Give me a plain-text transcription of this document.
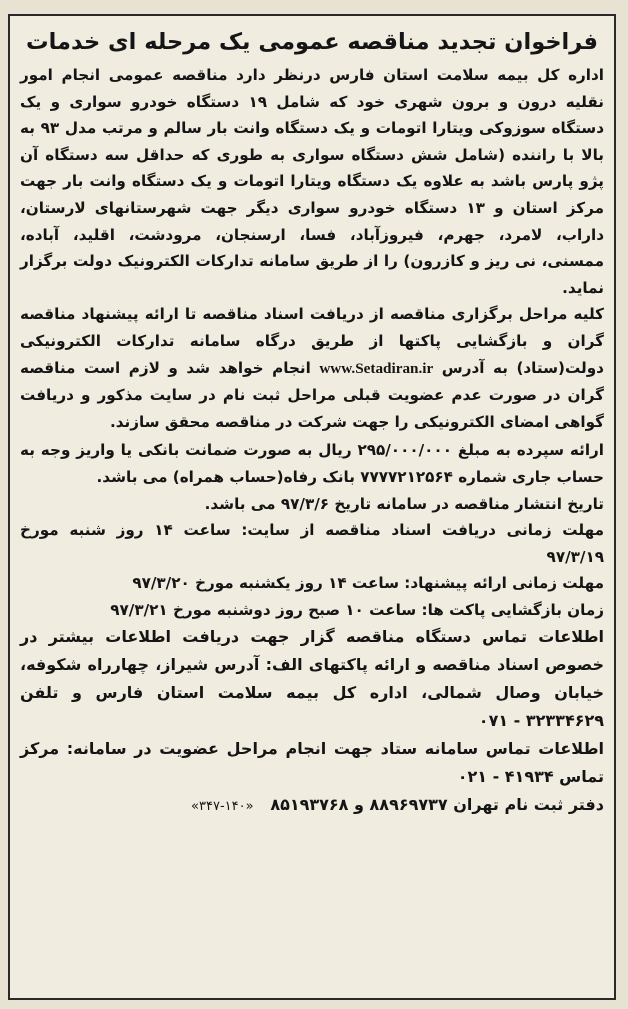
فراخوان تجدید مناقصه عمومی یک مرحله ای خدمات

اداره کل بیمه سلامت استان فارس درنظر دارد مناقصه عمومی انجام امور نقلیه درون و برون شهری خود که شامل ۱۹ دستگاه خودرو سواری و یک دستگاه سوزوکی ویتارا اتومات و یک دستگاه وانت بار سالم و مرتب مدل ۹۳ به بالا با راننده (شامل شش دستگاه سواری به طوری که حداقل سه دستگاه آن پژو پارس باشد به علاوه یک دستگاه ویتارا اتومات و یک دستگاه وانت بار جهت مرکز استان و ۱۳ دستگاه خودرو سواری دیگر جهت شهرستانهای لارستان، داراب، لامرد، جهرم، فیروزآباد، فسا، ارسنجان، مرودشت، اقلید، آباده، ممسنی، نی ریز و کازرون) را از طریق سامانه تدارکات الکترونیک دولت برگزار نماید.

کلیه مراحل برگزاری مناقصه از دریافت اسناد مناقصه تا ارائه پیشنهاد مناقصه گران و بازگشایی پاکتها از طریق درگاه سامانه تدارکات الکترونیکی دولت(ستاد) به آدرس www.Setadiran.ir انجام خواهد شد و لازم است مناقصه گران در صورت عدم عضویت قبلی مراحل ثبت نام در سایت مذکور و دریافت گواهی امضای الکترونیکی را جهت شرکت در مناقصه محقق سازند.

ارائه سپرده به مبلغ ۲۹۵/۰۰۰/۰۰۰ ریال به صورت ضمانت بانکی یا واریز وجه به حساب جاری شماره ۷۷۷۷۲۱۲۵۶۴ بانک رفاه(حساب همراه) می باشد.

تاریخ انتشار مناقصه در سامانه تاریخ ۹۷/۳/۶ می باشد.

مهلت زمانی دریافت اسناد مناقصه از سایت: ساعت ۱۴ روز شنبه مورخ ۹۷/۳/۱۹

مهلت زمانی ارائه پیشنهاد: ساعت ۱۴ روز یکشنبه مورخ ۹۷/۳/۲۰

زمان بازگشایی پاکت ها: ساعت ۱۰ صبح روز دوشنبه مورخ ۹۷/۳/۲۱

اطلاعات تماس دستگاه مناقصه گزار جهت دریافت اطلاعات بیشتر در خصوص اسناد مناقصه و ارائه پاکتهای الف: آدرس شیراز، چهارراه شکوفه، خیابان وصال شمالی، اداره کل بیمه سلامت استان فارس و تلفن ۳۲۳۳۴۶۲۹ - ۰۷۱

اطلاعات تماس سامانه ستاد جهت انجام مراحل عضویت در سامانه: مرکز تماس ۴۱۹۳۴ - ۰۲۱

دفتر ثبت نام تهران ۸۸۹۶۹۷۳۷ و ۸۵۱۹۳۷۶۸   «۱۴۰-۳۴۷»
